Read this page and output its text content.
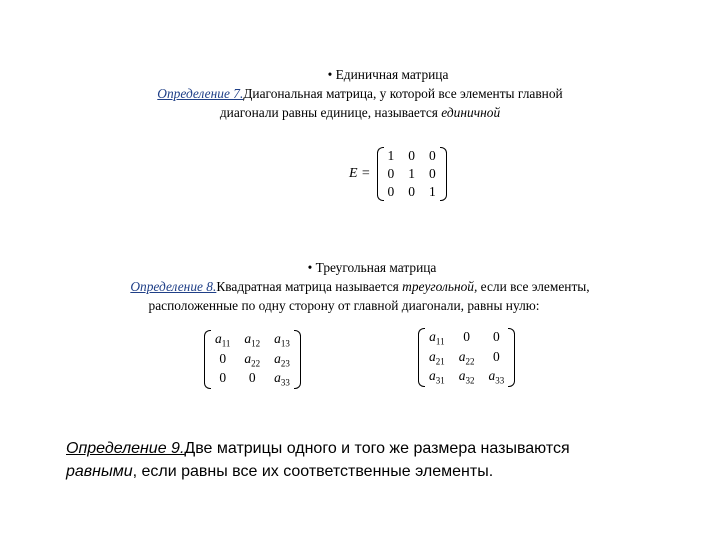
• Единичная матрица
Определение 7.Диагональная матрица, у которой все элементы главной
диагонали равны единице, называется единичной
E =
1 0 0
0 1 0
0 0 1
• Треугольная матрица
Определение 8.Квадратная матрица называется треугольной, если все элементы,
расположенные по одну сторону от главной диагонали, равны нулю:
$a_{11}$ $a_{12}$ $a_{13}$
0	$a_{22}$ $a_{23}$
0	0	$a_{33}$
$a_{11}$	0	0
$a_{21}$ $a_{22}$	0
$a_{31}$ $a_{32}$ $a_{33}$
Определение 9.Две матрицы одного и того же размера называются
равными, если равны все их соответственные элементы.
